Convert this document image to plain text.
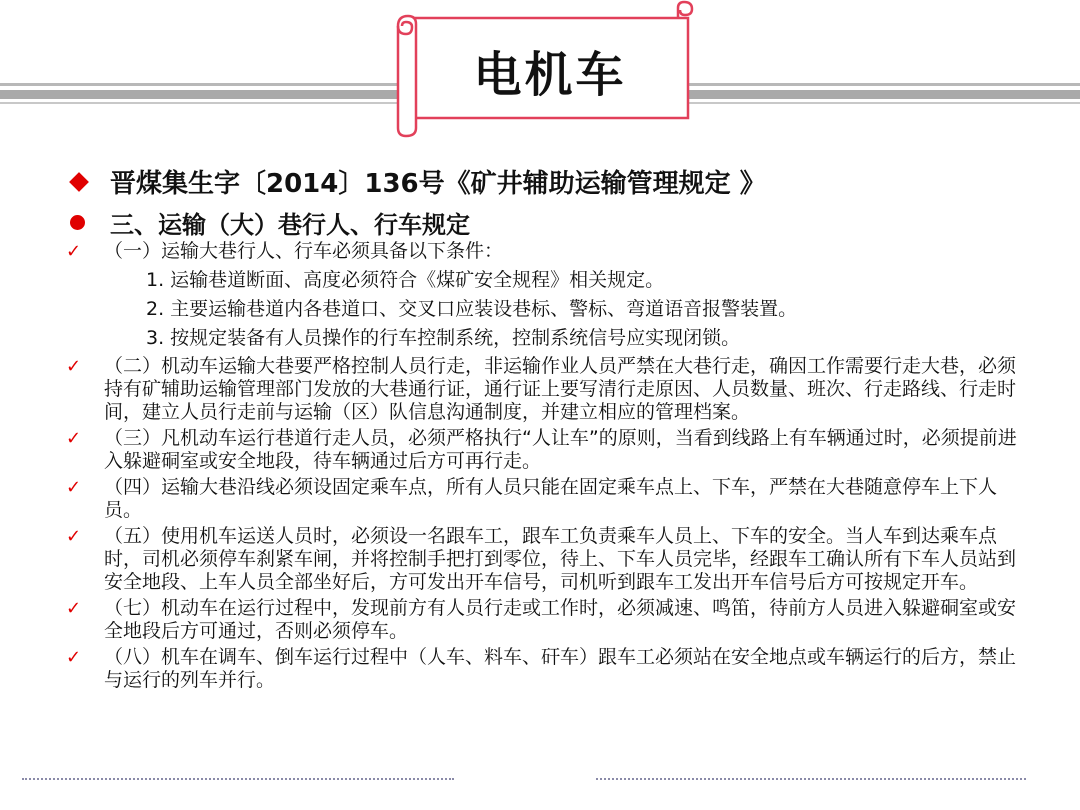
电机车
晋煤集生字〔2014〕136号《矿井辅助运输管理规定 》
三、运输（大）巷行人、行车规定
✓ （一）运输大巷行人、行车必须具备以下条件：
1. 运输巷道断面、高度必须符合《煤矿安全规程》相关规定。
2. 主要运输巷道内各巷道口、交叉口应装设巷标、警标、弯道语音报警装置。
3. 按规定装备有人员操作的行车控制系统，控制系统信号应实现闭锁。
✓ （二）机动车运输大巷要严格控制人员行走，非运输作业人员严禁在大巷行走，确因工作需要行走大巷，必须持有矿辅助运输管理部门发放的大巷通行证，通行证上要写清行走原因、人员数量、班次、行走路线、行走时间，建立人员行走前与运输（区）队信息沟通制度，并建立相应的管理档案。
✓ （三）凡机动车运行巷道行走人员，必须严格执行“人让车”的原则，当看到线路上有车辆通过时，必须提前进入躲避硐室或安全地段，待车辆通过后方可再行走。
✓ （四）运输大巷沿线必须设固定乘车点，所有人员只能在固定乘车点上、下车，严禁在大巷随意停车上下人员。
✓ （五）使用机车运送人员时，必须设一名跟车工，跟车工负责乘车人员上、下车的安全。当人车到达乘车点时，司机必须停车刹紧车闸，并将控制手把打到零位，待上、下车人员完毕，经跟车工确认所有下车人员站到安全地段、上车人员全部坐好后，方可发出开车信号，司机听到跟车工发出开车信号后方可按规定开车。
✓ （七）机动车在运行过程中，发现前方有人员行走或工作时，必须减速、鸣笛，待前方人员进入躲避硐室或安全地段后方可通过，否则必须停车。
✓ （八）机车在调车、倒车运行过程中（人车、料车、矸车）跟车工必须站在安全地点或车辆运行的后方，禁止与运行的列车并行。
